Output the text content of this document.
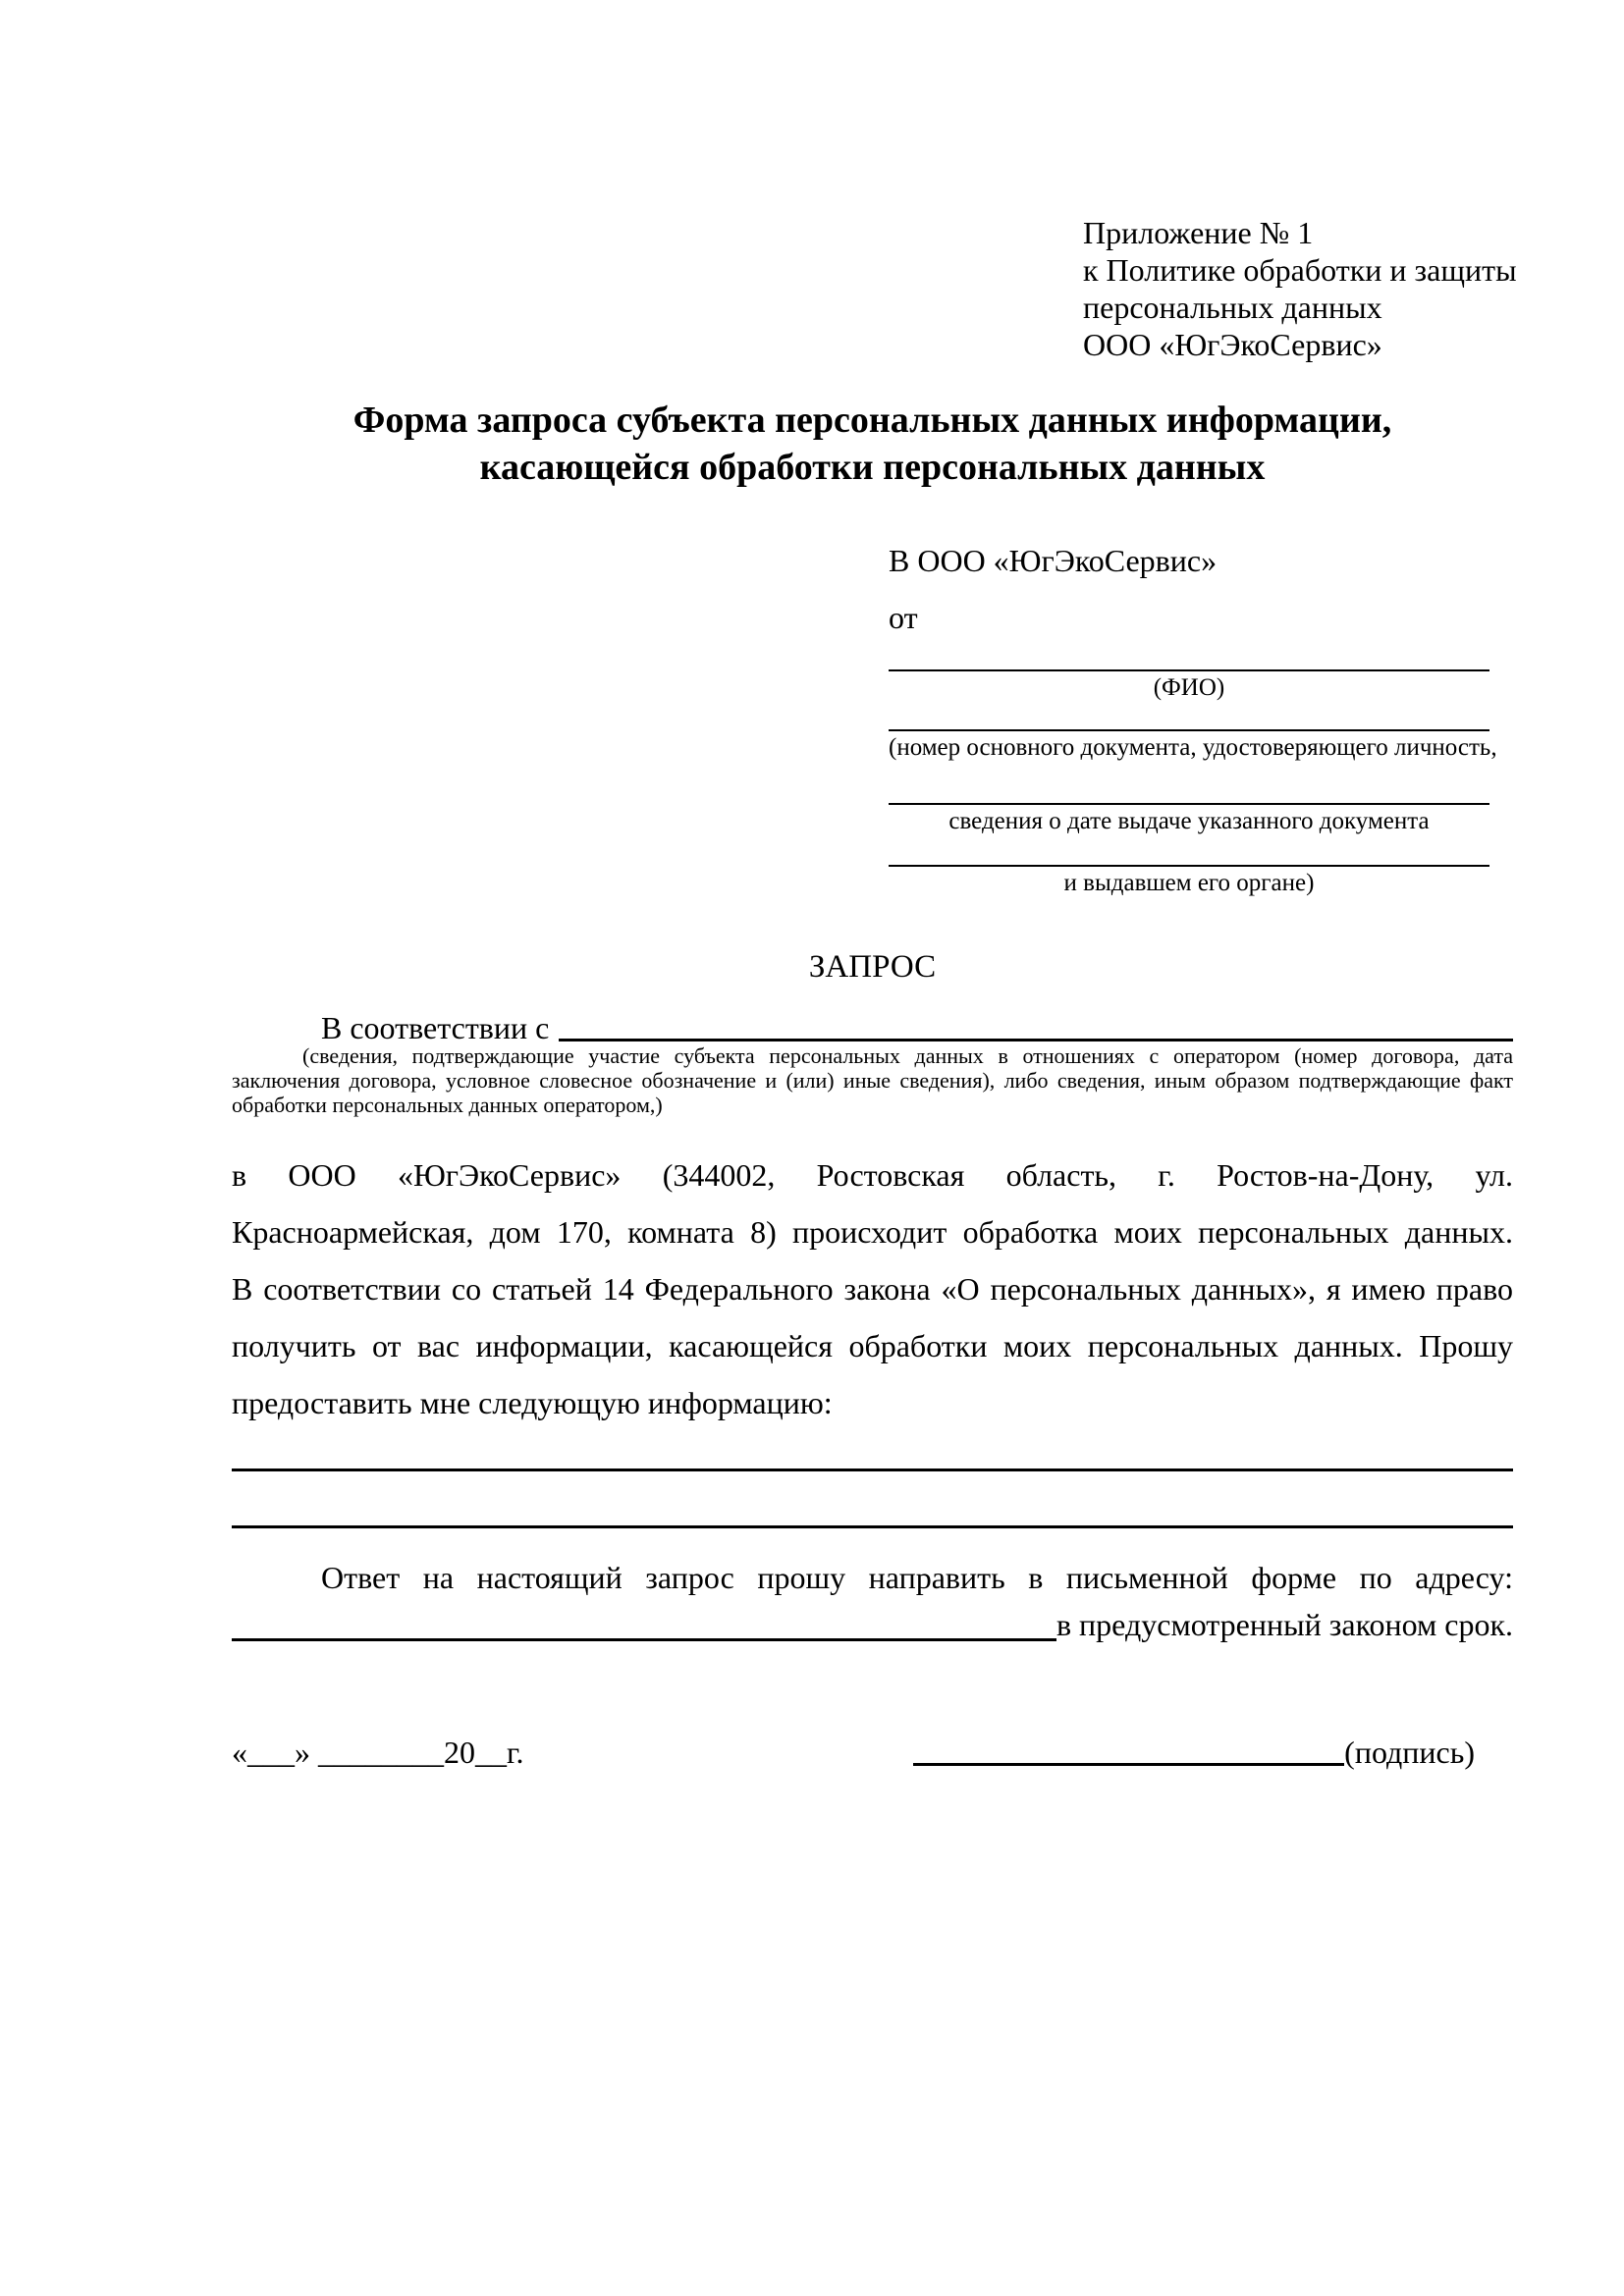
Приложение № 1
к Политике обработки и защиты
персональных данных
ООО «ЮгЭкоСервис»
Форма запроса субъекта персональных данных информации,
касающейся обработки персональных данных
В ООО «ЮгЭкоСервис»
от
(ФИО)
(номер основного документа, удостоверяющего личность,
сведения о дате выдаче указанного документа
и выдавшем его органе)
ЗАПРОС
В соответствии с
(сведения, подтверждающие участие субъекта персональных данных в отношениях с оператором (номер договора, дата
заключения договора, условное словесное обозначение и (или) иные сведения), либо сведения, иным образом подтверждающие факт
обработки персональных данных оператором,)
в ООО «ЮгЭкоСервис» (344002, Ростовская область, г. Ростов-на-Дону, ул.
Красноармейская, дом 170, комната 8) происходит обработка моих персональных данных.
В соответствии со статьей 14 Федерального закона «О персональных данных», я имею право
получить от вас информации, касающейся обработки моих персональных данных. Прошу
предоставить мне следующую информацию:
Ответ на настоящий запрос прошу направить в письменной форме по адресу:
в предусмотренный законом срок.
«___» ________20__г.	(подпись)
